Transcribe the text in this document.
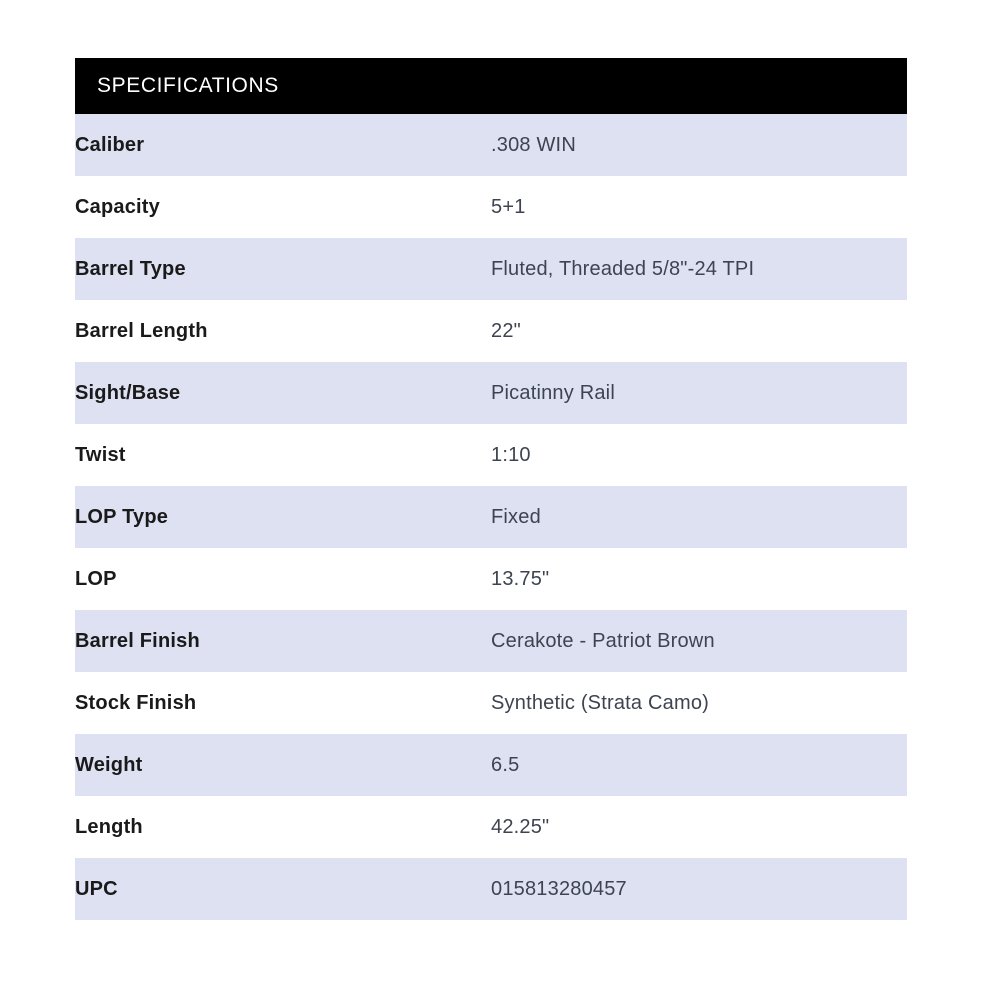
SPECIFICATIONS	
Caliber	.308 WIN
Capacity	5+1
Barrel Type	Fluted, Threaded 5/8"-24 TPI
Barrel Length	22"
Sight/Base	Picatinny Rail
Twist	1:10
LOP Type	Fixed
LOP	13.75"
Barrel Finish	Cerakote - Patriot Brown
Stock Finish	Synthetic (Strata Camo)
Weight	6.5
Length	42.25"
UPC	015813280457
